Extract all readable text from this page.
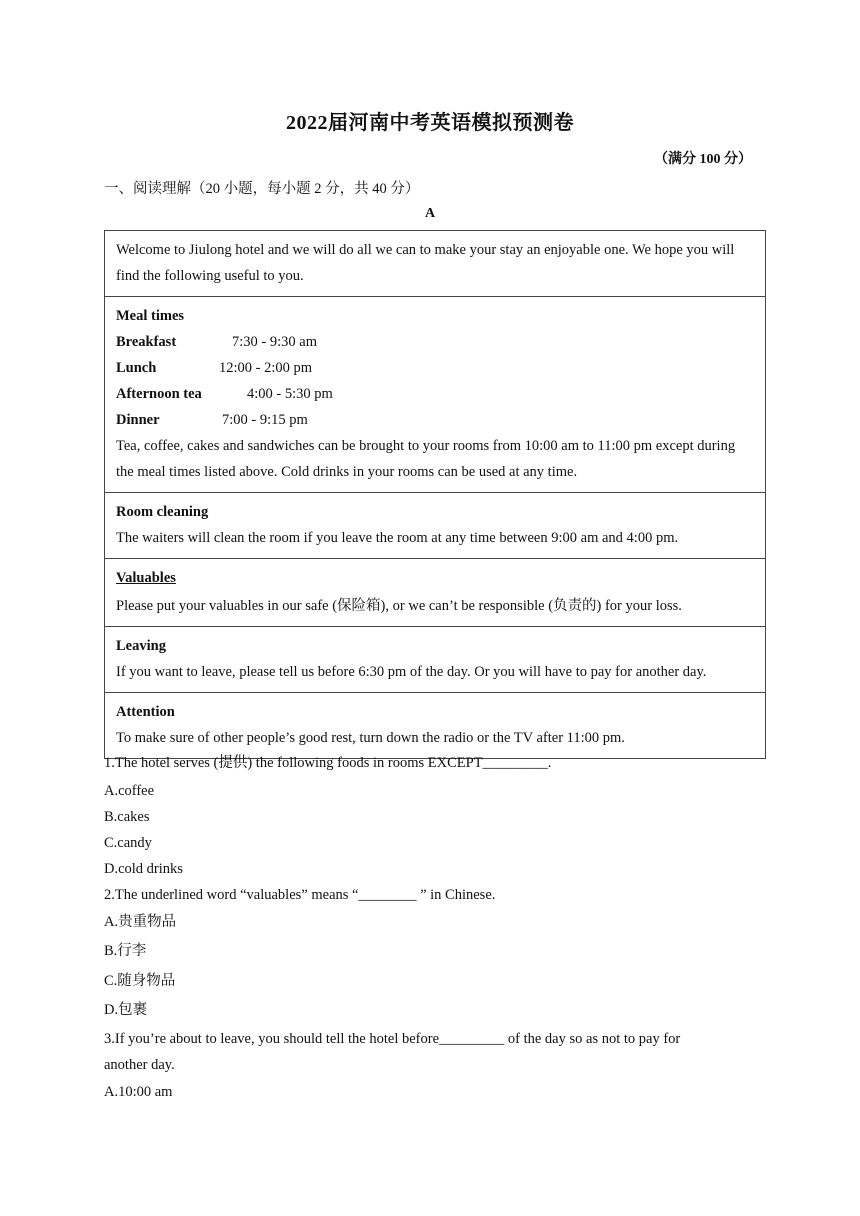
2022届河南中考英语模拟预测卷
（满分 100 分）
一、阅读理解（20 小题，每小题 2 分，共 40 分）
A
Welcome to Jiulong hotel and we will do all we can to make your stay an enjoyable one. We hope you will find the following useful to you.
Meal times
Breakfast	7:30 - 9:30 am
Lunch	12:00 - 2:00 pm
Afternoon tea	4:00 - 5:30 pm
Dinner	7:00 - 9:15 pm
Tea, coffee, cakes and sandwiches can be brought to your rooms from 10:00 am to 11:00 pm except during the meal times listed above. Cold drinks in your rooms can be used at any time.
Room cleaning
The waiters will clean the room if you leave the room at any time between 9:00 am and 4:00 pm.
Valuables
Please put your valuables in our safe (保险箱), or we can’t be responsible (负责的) for your loss.
Leaving
If you want to leave, please tell us before 6:30 pm of the day. Or you will have to pay for another day.
Attention
To make sure of other people’s good rest, turn down the radio or the TV after 11:00 pm.
1.The hotel serves (提供) the following foods in rooms EXCEPT_________.
A.coffee
B.cakes
C.candy
D.cold drinks
2.The underlined word “valuables” means “________ ” in Chinese.
A.贵重物品
B.行李
C.随身物品
D.包裹
3.If you’re about to leave, you should tell the hotel before_________ of the day so as not to pay for another day.
A.10:00 am
